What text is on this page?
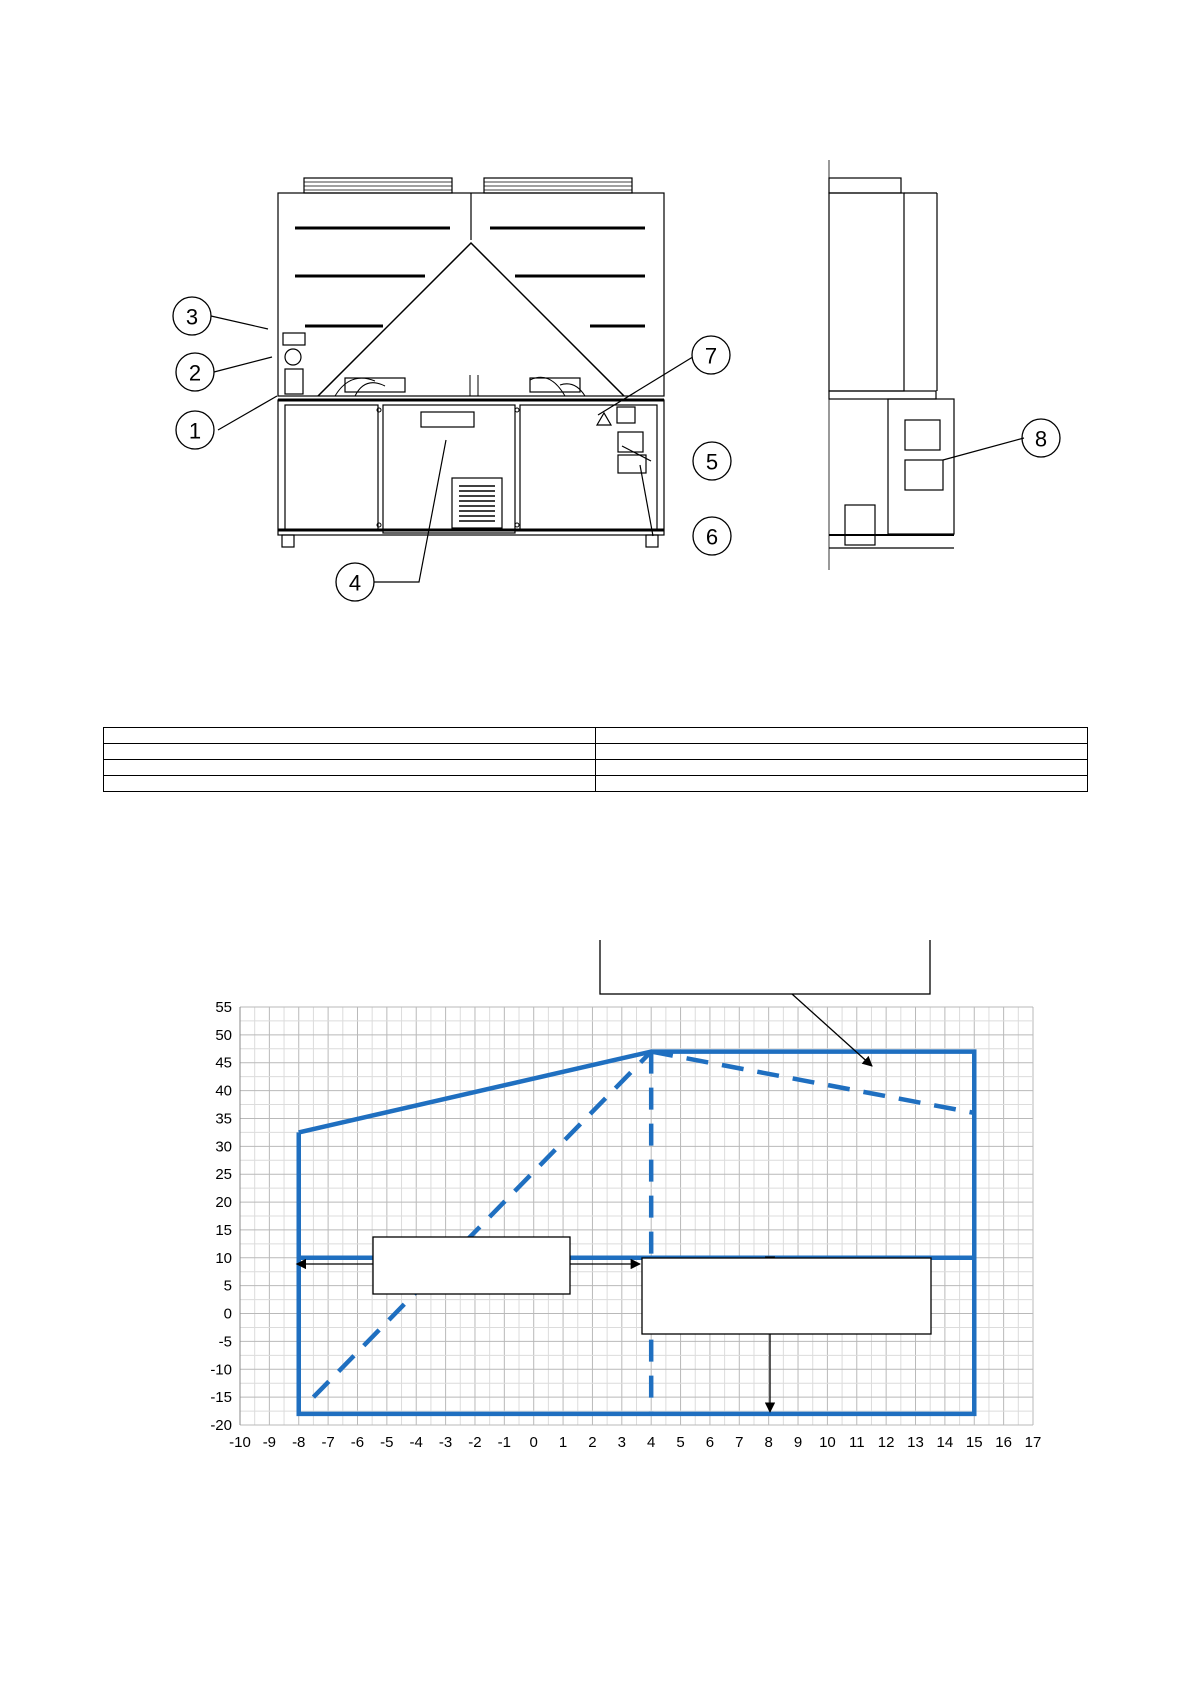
1
2
3
4
5
6
7
8

-10 -9 -8 -7 -6 -5 -4 -3 -2 -1 0 1 2 3 4 5 6 7 8 9 10 11 12 13 14 15 16 17
55
50
45
40
35
30
25
20
15
10
5
0
-5
-10
-15
-20
